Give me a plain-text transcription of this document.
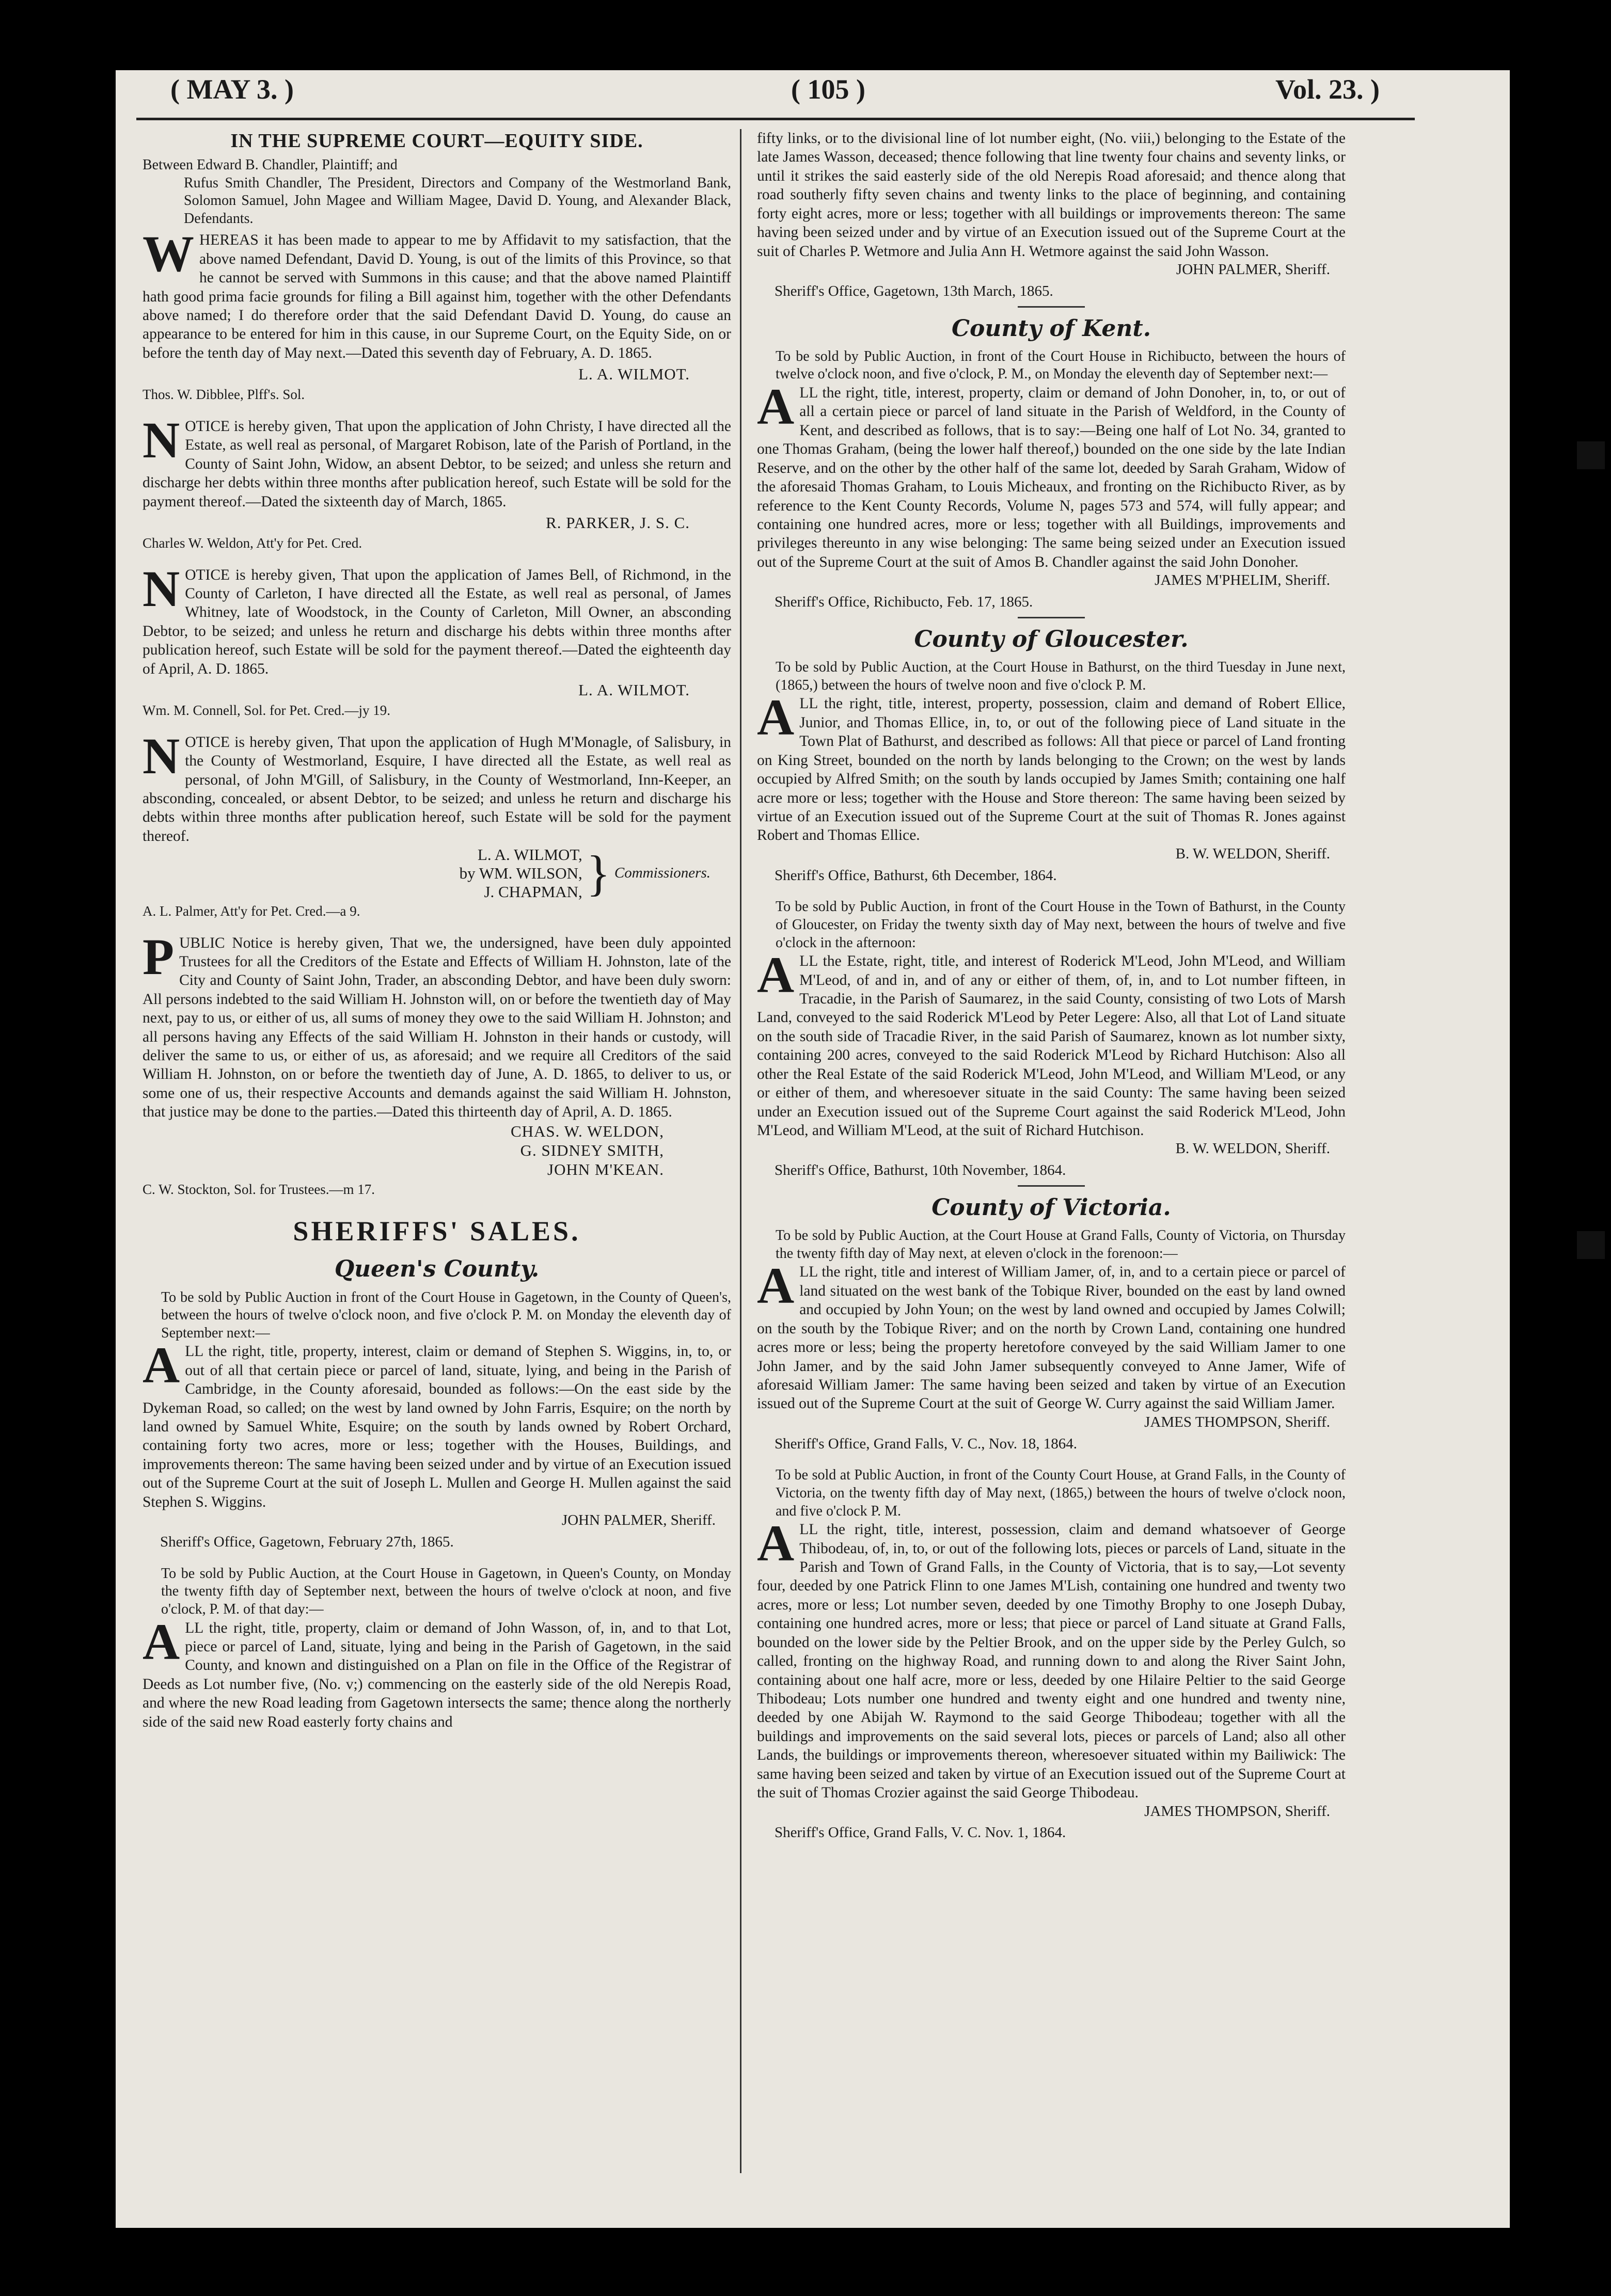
( MAY 3. )	( 105 )	Vol. 23. )
IN THE SUPREME COURT—EQUITY SIDE.

Between Edward B. Chandler, Plaintiff; and

Rufus Smith Chandler, The President, Directors and Company of the Westmorland Bank, Solomon Samuel, John Magee and William Magee, David D. Young, and Alexander Black, Defendants.

WHEREAS it has been made to appear to me by Affidavit to my satisfaction, that the above named Defendant, David D. Young, is out of the limits of this Province, so that he cannot be served with Summons in this cause; and that the above named Plaintiff hath good prima facie grounds for filing a Bill against him, together with the other Defendants above named; I do therefore order that the said Defendant David D. Young, do cause an appearance to be entered for him in this cause, in our Supreme Court, on the Equity Side, on or before the tenth day of May next.—Dated this seventh day of February, A. D. 1865.

L. A. WILMOT.
Thos. W. Dibblee, Plff's. Sol.

NOTICE is hereby given, That upon the application of John Christy, I have directed all the Estate, as well real as personal, of Margaret Robison, late of the Parish of Portland, in the County of Saint John, Widow, an absent Debtor, to be seized; and unless she return and discharge her debts within three months after publication hereof, such Estate will be sold for the payment thereof.—Dated the sixteenth day of March, 1865.

R. PARKER, J. S. C.
Charles W. Weldon, Att'y for Pet. Cred.

NOTICE is hereby given, That upon the application of James Bell, of Richmond, in the County of Carleton, I have directed all the Estate, as well real as personal, of James Whitney, late of Woodstock, in the County of Carleton, Mill Owner, an absconding Debtor, to be seized; and unless he return and discharge his debts within three months after publication hereof, such Estate will be sold for the payment thereof.—Dated the eighteenth day of April, A. D. 1865.

L. A. WILMOT.
Wm. M. Connell, Sol. for Pet. Cred.—jy 19.

NOTICE is hereby given, That upon the application of Hugh M'Monagle, of Salisbury, in the County of Westmorland, Esquire, I have directed all the Estate, as well real as personal, of John M'Gill, of Salisbury, in the County of Westmorland, Inn-Keeper, an absconding, concealed, or absent Debtor, to be seized; and unless he return and discharge his debts within three months after publication hereof, such Estate will be sold for the payment thereof.

L. A. WILMOT,
by WM. WILSON,
J. CHAPMAN, } Commissioners.
A. L. Palmer, Att'y for Pet. Cred.—a 9.

PUBLIC Notice is hereby given, That we, the undersigned, have been duly appointed Trustees for all the Creditors of the Estate and Effects of William H. Johnston, late of the City and County of Saint John, Trader, an absconding Debtor, and have been duly sworn: All persons indebted to the said William H. Johnston will, on or before the twentieth day of May next, pay to us, or either of us, all sums of money they owe to the said William H. Johnston; and all persons having any Effects of the said William H. Johnston in their hands or custody, will deliver the same to us, or either of us, as aforesaid; and we require all Creditors of the said William H. Johnston, on or before the twentieth day of June, A. D. 1865, to deliver to us, or some one of us, their respective Accounts and demands against the said William H. Johnston, that justice may be done to the parties.—Dated this thirteenth day of April, A. D. 1865.

CHAS. W. WELDON,
G. SIDNEY SMITH,
JOHN M'KEAN.
C. W. Stockton, Sol. for Trustees.—m 17.
SHERIFFS' SALES.
Queen's County.

To be sold by Public Auction in front of the Court House in Gagetown, in the County of Queen's, between the hours of twelve o'clock noon, and five o'clock P. M. on Monday the eleventh day of September next:—

ALL the right, title, property, interest, claim or demand of Stephen S. Wiggins, in, to, or out of all that certain piece or parcel of land, situate, lying, and being in the Parish of Cambridge, in the County aforesaid, bounded as follows:—On the east side by the Dykeman Road, so called; on the west by land owned by John Farris, Esquire; on the north by land owned by Samuel White, Esquire; on the south by lands owned by Robert Orchard, containing forty two acres, more or less; together with the Houses, Buildings, and improvements thereon: The same having been seized under and by virtue of an Execution issued out of the Supreme Court at the suit of Joseph L. Mullen and George H. Mullen against the said Stephen S. Wiggins.

JOHN PALMER, Sheriff.
Sheriff's Office, Gagetown, February 27th, 1865.

To be sold by Public Auction, at the Court House in Gagetown, in Queen's County, on Monday the twenty fifth day of September next, between the hours of twelve o'clock at noon, and five o'clock, P. M. of that day:—

ALL the right, title, property, claim or demand of John Wasson, of, in, and to that Lot, piece or parcel of Land, situate, lying and being in the Parish of Gagetown, in the said County, and known and distinguished on a Plan on file in the Office of the Registrar of Deeds as Lot number five, (No. v;) commencing on the easterly side of the old Nerepis Road, and where the new Road leading from Gagetown intersects the same; thence along the northerly side of the said new Road easterly forty chains and

fifty links, or to the divisional line of lot number eight, (No. viii,) belonging to the Estate of the late James Wasson, deceased; thence following that line twenty four chains and seventy links, or until it strikes the said easterly side of the old Nerepis Road aforesaid; and thence along that road southerly fifty seven chains and twenty links to the place of beginning, and containing forty eight acres, more or less; together with all buildings or improvements thereon: The same having been seized under and by virtue of an Execution issued out of the Supreme Court at the suit of Charles P. Wetmore and Julia Ann H. Wetmore against the said John Wasson.

JOHN PALMER, Sheriff.
Sheriff's Office, Gagetown, 13th March, 1865.
County of Kent.

To be sold by Public Auction, in front of the Court House in Richibucto, between the hours of twelve o'clock noon, and five o'clock, P. M., on Monday the eleventh day of September next:—

ALL the right, title, interest, property, claim or demand of John Donoher, in, to, or out of all a certain piece or parcel of land situate in the Parish of Weldford, in the County of Kent, and described as follows, that is to say:—Being one half of Lot No. 34, granted to one Thomas Graham, (being the lower half thereof,) bounded on the one side by the late Indian Reserve, and on the other by the other half of the same lot, deeded by Sarah Graham, Widow of the aforesaid Thomas Graham, to Louis Micheaux, and fronting on the Richibucto River, as by reference to the Kent County Records, Volume N, pages 573 and 574, will fully appear; and containing one hundred acres, more or less; together with all Buildings, improvements and privileges thereunto in any wise belonging: The same being seized under an Execution issued out of the Supreme Court at the suit of Amos B. Chandler against the said John Donoher.

JAMES M'PHELIM, Sheriff.
Sheriff's Office, Richibucto, Feb. 17, 1865.
County of Gloucester.

To be sold by Public Auction, at the Court House in Bathurst, on the third Tuesday in June next, (1865,) between the hours of twelve noon and five o'clock P. M.

ALL the right, title, interest, property, possession, claim and demand of Robert Ellice, Junior, and Thomas Ellice, in, to, or out of the following piece of Land situate in the Town Plat of Bathurst, and described as follows: All that piece or parcel of Land fronting on King Street, bounded on the north by lands belonging to the Crown; on the west by lands occupied by Alfred Smith; on the south by lands occupied by James Smith; containing one half acre more or less; together with the House and Store thereon: The same having been seized by virtue of an Execution issued out of the Supreme Court at the suit of Thomas R. Jones against Robert and Thomas Ellice.

B. W. WELDON, Sheriff.
Sheriff's Office, Bathurst, 6th December, 1864.

To be sold by Public Auction, in front of the Court House in the Town of Bathurst, in the County of Gloucester, on Friday the twenty sixth day of May next, between the hours of twelve and five o'clock in the afternoon:

ALL the Estate, right, title, and interest of Roderick M'Leod, John M'Leod, and William M'Leod, of and in, and of any or either of them, of, in, and to Lot number fifteen, in Tracadie, in the Parish of Saumarez, in the said County, consisting of two Lots of Marsh Land, conveyed to the said Roderick M'Leod by Peter Legere: Also, all that Lot of Land situate on the south side of Tracadie River, in the said Parish of Saumarez, known as lot number sixty, containing 200 acres, conveyed to the said Roderick M'Leod by Richard Hutchison: Also all other the Real Estate of the said Roderick M'Leod, John M'Leod, and William M'Leod, or any or either of them, and wheresoever situate in the said County: The same having been seized under an Execution issued out of the Supreme Court against the said Roderick M'Leod, John M'Leod, and William M'Leod, at the suit of Richard Hutchison.

B. W. WELDON, Sheriff.
Sheriff's Office, Bathurst, 10th November, 1864.
County of Victoria.

To be sold by Public Auction, at the Court House at Grand Falls, County of Victoria, on Thursday the twenty fifth day of May next, at eleven o'clock in the forenoon:—

ALL the right, title and interest of William Jamer, of, in, and to a certain piece or parcel of land situated on the west bank of the Tobique River, bounded on the east by land owned and occupied by John Youn; on the west by land owned and occupied by James Colwill; on the south by the Tobique River; and on the north by Crown Land, containing one hundred acres more or less; being the property heretofore conveyed by the said William Jamer to one John Jamer, and by the said John Jamer subsequently conveyed to Anne Jamer, Wife of aforesaid William Jamer: The same having been seized and taken by virtue of an Execution issued out of the Supreme Court at the suit of George W. Curry against the said William Jamer.

JAMES THOMPSON, Sheriff.
Sheriff's Office, Grand Falls, V. C., Nov. 18, 1864.

To be sold at Public Auction, in front of the County Court House, at Grand Falls, in the County of Victoria, on the twenty fifth day of May next, (1865,) between the hours of twelve o'clock noon, and five o'clock P. M.

ALL the right, title, interest, possession, claim and demand whatsoever of George Thibodeau, of, in, to, or out of the following lots, pieces or parcels of Land, situate in the Parish and Town of Grand Falls, in the County of Victoria, that is to say,—Lot seventy four, deeded by one Patrick Flinn to one James M'Lish, containing one hundred and twenty two acres, more or less; Lot number seven, deeded by one Timothy Brophy to one Joseph Dubay, containing one hundred acres, more or less; that piece or parcel of Land situate at Grand Falls, bounded on the lower side by the Peltier Brook, and on the upper side by the Perley Gulch, so called, fronting on the highway Road, and running down to and along the River Saint John, containing about one half acre, more or less, deeded by one Hilaire Peltier to the said George Thibodeau; Lots number one hundred and twenty eight and one hundred and twenty nine, deeded by one Abijah W. Raymond to the said George Thibodeau; together with all the buildings and improvements on the said several lots, pieces or parcels of Land; also all other Lands, the buildings or improvements thereon, wheresoever situated within my Bailiwick: The same having been seized and taken by virtue of an Execution issued out of the Supreme Court at the suit of Thomas Crozier against the said George Thibodeau.

JAMES THOMPSON, Sheriff.
Sheriff's Office, Grand Falls, V. C. Nov. 1, 1864.
